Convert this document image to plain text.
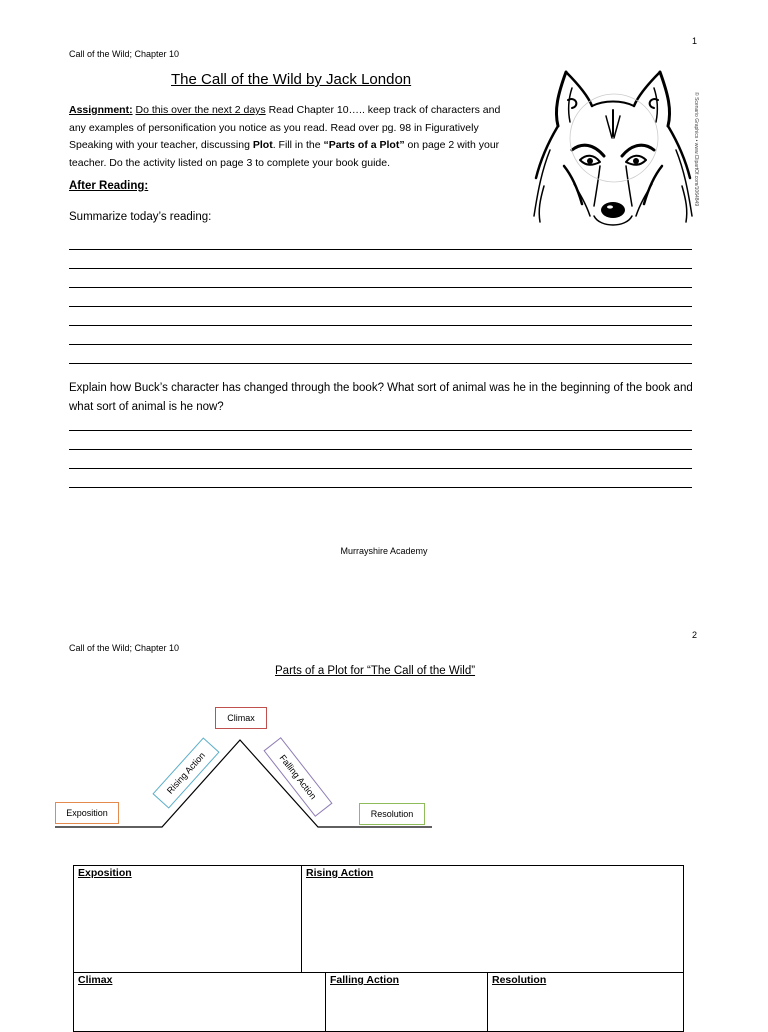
1
Call of the Wild; Chapter 10
The Call of the Wild by Jack London
Assignment: Do this over the next 2 days Read Chapter 10….. keep track of characters and any examples of personification you notice as you read. Read over pg. 98 in Figuratively Speaking with your teacher, discussing Plot. Fill in the “Parts of a Plot” on page 2 with your teacher. Do the activity listed on page 3 to complete your book guide.	© Scenario Graphics • www.ClipartOf.com/1064849
After Reading:
Summarize today’s reading:
Explain how Buck’s character has changed through the book? What sort of animal was he in the beginning of the book and what sort of animal is he now?
Murrayshire Academy
2
Call of the Wild; Chapter 10
Parts of a Plot for “The Call of the Wild”
Exposition
Climax
Resolution
Rising Action	Falling Action
Exposition	Rising Action
Climax	Falling Action	Resolution
